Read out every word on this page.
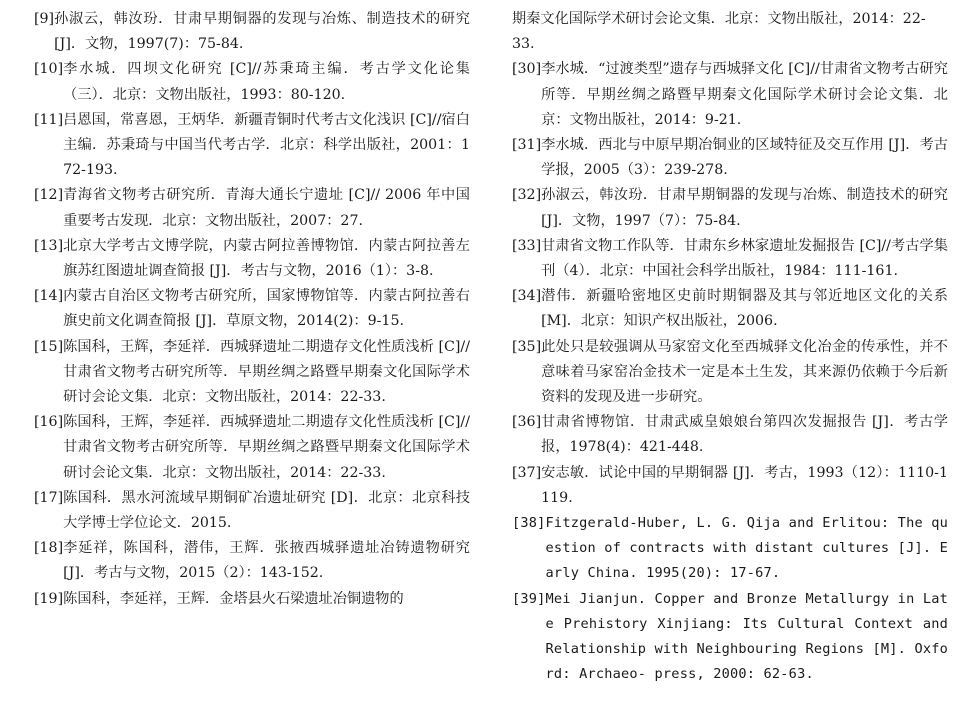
[9] 孙淑云，韩汝玢．甘肃早期铜器的发现与冶炼、制造技术的研究 [J]．文物，1997(7)：75-84.
[10] 李水城．四坝文化研究 [C]//苏秉琦主编．考古学文化论集（三）．北京：文物出版社，1993：80-120.
[11] 吕恩国，常喜恩，王炳华．新疆青铜时代考古文化浅识 [C]//宿白主编．苏秉琦与中国当代考古学．北京：科学出版社，2001：172-193.
[12] 青海省文物考古研究所．青海大通长宁遗址 [C]// 2006 年中国重要考古发现．北京：文物出版社，2007：27.
[13] 北京大学考古文博学院，内蒙古阿拉善博物馆．内蒙古阿拉善左旗苏红图遗址调查简报 [J]．考古与文物，2016（1）：3-8.
[14] 内蒙古自治区文物考古研究所，国家博物馆等．内蒙古阿拉善右旗史前文化调查简报 [J]．草原文物，2014(2)：9-15.
[15] 陈国科，王辉，李延祥．西城驿遗址二期遗存文化性质浅析 [C]//甘肃省文物考古研究所等．早期丝绸之路暨早期秦文化国际学术研讨会论文集．北京：文物出版社，2014：22-33.
[16] 陈国科，王辉，李延祥．西城驿遗址二期遗存文化性质浅析 [C]//甘肃省文物考古研究所等．早期丝绸之路暨早期秦文化国际学术研讨会论文集．北京：文物出版社，2014：22-33.
[17] 陈国科．黑水河流域早期铜矿冶遗址研究 [D]．北京：北京科技大学博士学位论文．2015.
[18] 李延祥，陈国科，潜伟，王辉．张掖西城驿遗址冶铸遗物研究 [J]．考古与文物，2015（2）：143-152.
[19] 陈国科，李延祥，王辉．金塔县火石梁遗址冶铜遗物的
期秦文化国际学术研讨会论文集．北京：文物出版社，2014：22-33.
[30] 李水城．“过渡类型”遗存与西城驿文化 [C]//甘肃省文物考古研究所等．早期丝绸之路暨早期秦文化国际学术研讨会论文集．北京：文物出版社，2014：9-21.
[31] 李水城．西北与中原早期冶铜业的区域特征及交互作用 [J]．考古学报，2005（3）：239-278.
[32] 孙淑云，韩汝玢．甘肃早期铜器的发现与冶炼、制造技术的研究 [J]．文物，1997（7）：75-84.
[33] 甘肃省文物工作队等．甘肃东乡林家遗址发掘报告 [C]//考古学集刊（4）．北京：中国社会科学出版社，1984：111-161.
[34] 潜伟．新疆哈密地区史前时期铜器及其与邻近地区文化的关系 [M]．北京：知识产权出版社，2006.
[35] 此处只是较强调从马家窑文化至西城驿文化冶金的传承性，并不意味着马家窑冶金技术一定是本土生发，其来源仍依赖于今后新资料的发现及进一步研究。
[36] 甘肃省博物馆．甘肃武威皇娘娘台第四次发掘报告 [J]．考古学报，1978(4)：421-448.
[37] 安志敏．试论中国的早期铜器 [J]．考古，1993（12）：1110-1119.
[38] Fitzgerald-Huber, L. G. Qija and Erlitou: The question of contracts with distant cultures [J]. Early China. 1995(20): 17-67.
[39] Mei Jianjun. Copper and Bronze Metallurgy in Late Prehistory Xinjiang: Its Cultural Context and Relationship with Neighbouring Regions [M]. Oxford: Archaeo- press, 2000: 62-63.
